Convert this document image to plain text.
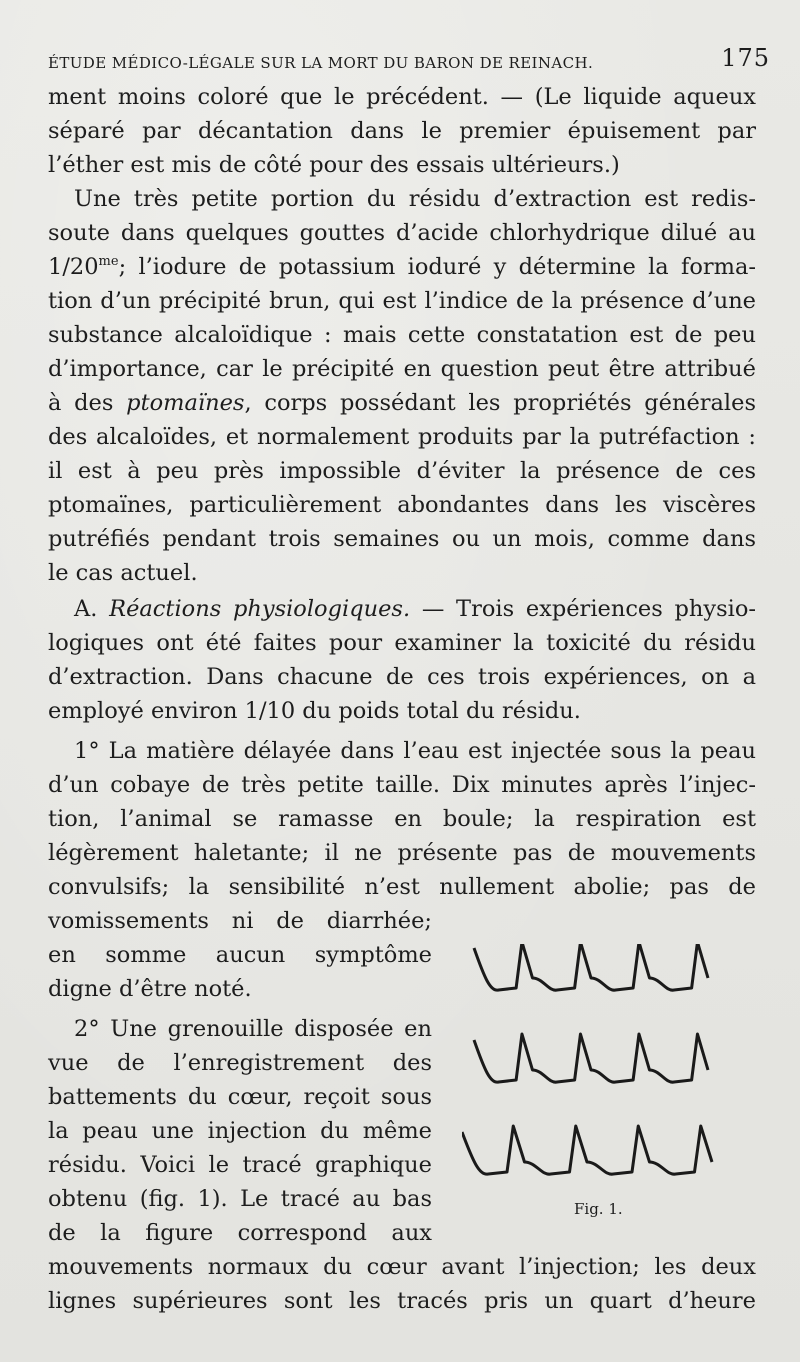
ÉTUDE MÉDICO-LÉGALE SUR LA MORT DU BARON DE REINACH.	175
ment moins coloré que le précédent. — (Le liquide aqueux
séparé par décantation dans le premier épuisement par
l’éther est mis de côté pour des essais ultérieurs.)
Une très petite portion du résidu d’extraction est redis-
soute dans quelques gouttes d’acide chlorhydrique dilué au
$1/20^{me}$; l’iodure de potassium ioduré y détermine la forma-
tion d’un précipité brun, qui est l’indice de la présence d’une
substance alcaloïdique : mais cette constatation est de peu
d’importance, car le précipité en question peut être attribué
à des ptomaïnes, corps possédant les propriétés générales
des alcaloïdes, et normalement produits par la putréfaction :
il est à peu près impossible d’éviter la présence de ces
ptomaïnes, particulièrement abondantes dans les viscères
putréfiés pendant trois semaines ou un mois, comme dans
le cas actuel.
A. Réactions physiologiques. — Trois expériences physio-
logiques ont été faites pour examiner la toxicité du résidu
d’extraction. Dans chacune de ces trois expériences, on a
employé environ 1/10 du poids total du résidu.
1° La matière délayée dans l’eau est injectée sous la peau
d’un cobaye de très petite taille. Dix minutes après l’injec-
tion, l’animal se ramasse en boule; la respiration est
légèrement haletante; il ne présente pas de mouvements
convulsifs; la sensibilité n’est nullement abolie; pas de
vomissements ni de diarrhée;
en somme aucun symptôme
digne d’être noté.
2° Une grenouille disposée en
vue de l’enregistrement des
battements du cœur, reçoit sous
la peau une injection du même
résidu. Voici le tracé graphique
obtenu (fig. 1). Le tracé au bas
de la figure correspond aux
mouvements normaux du cœur avant l’injection; les deux
lignes supérieures sont les tracés pris un quart d’heure
Fig. 1.
